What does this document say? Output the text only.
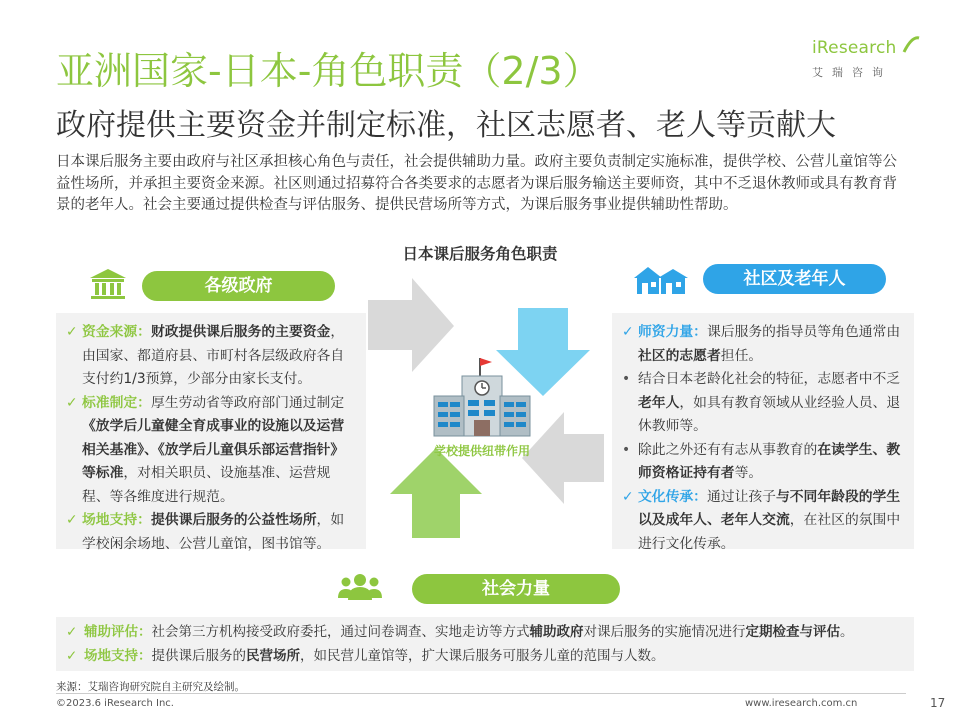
亚洲国家-日本-角色职责（2/3）
政府提供主要资金并制定标准，社区志愿者、老人等贡献大
iResearch
艾瑞咨询
日本课后服务主要由政府与社区承担核心角色与责任，社会提供辅助力量。政府主要负责制定实施标准，提供学校、公营儿童馆等公益性场所，并承担主要资金来源。社区则通过招募符合各类要求的志愿者为课后服务输送主要师资，其中不乏退休教师或具有教育背景的老年人。社会主要通过提供检查与评估服务、提供民营场所等方式，为课后服务事业提供辅助性帮助。
日本课后服务角色职责
各级政府

✓ 资金来源：财政提供课后服务的主要资金，由国家、都道府县、市町村各层级政府各自支付约1/3预算，少部分由家长支付。

✓ 标准制定：厚生劳动省等政府部门通过制定《放学后儿童健全育成事业的设施以及运营相关基准》、《放学后儿童俱乐部运营指针》等标准，对相关职员、设施基准、运营规程、等各维度进行规范。

✓ 场地支持：提供课后服务的公益性场所，如学校闲余场地、公营儿童馆，图书馆等。

社区及老年人

✓ 师资力量：课后服务的指导员等角色通常由社区的志愿者担任。

• 结合日本老龄化社会的特征，志愿者中不乏老年人，如具有教育领域从业经验人员、退休教师等。

• 除此之外还有有志从事教育的在读学生、教师资格证持有者等。

✓ 文化传承：通过让孩子与不同年龄段的学生以及成年人、老年人交流，在社区的氛围中进行文化传承。

学校提供纽带作用
社会力量

✓ 辅助评估：社会第三方机构接受政府委托，通过问卷调查、实地走访等方式辅助政府对课后服务的实施情况进行定期检查与评估。

✓ 场地支持：提供课后服务的民营场所，如民营儿童馆等，扩大课后服务可服务儿童的范围与人数。

来源：艾瑞咨询研究院自主研究及绘制。
©2023.6 iResearch Inc.	www.iresearch.com.cn	17
